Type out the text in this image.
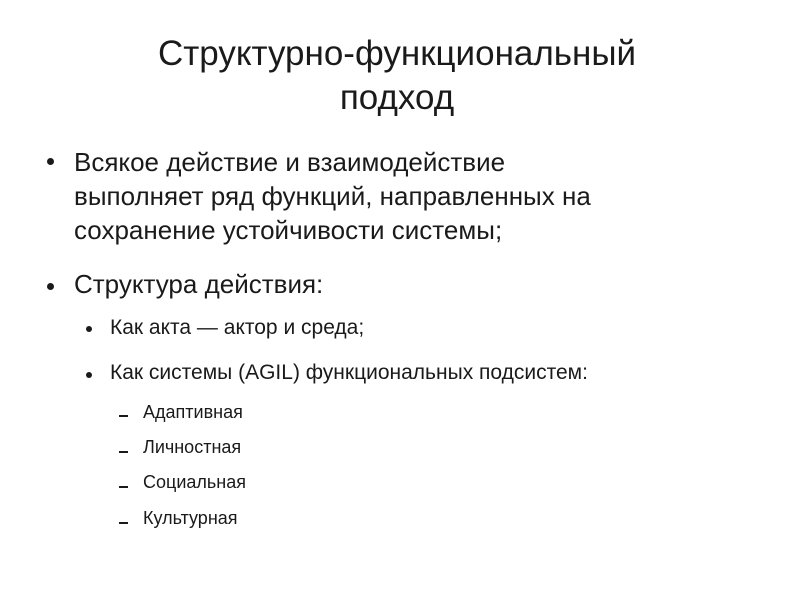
Структурно-функциональный
подход
Всякое действие и взаимодействие
выполняет ряд функций, направленных на
сохранение устойчивости системы;
Структура действия:
Как акта — актор и среда;
Как системы (AGIL) функциональных подсистем:
Адаптивная
Личностная
Социальная
Культурная
